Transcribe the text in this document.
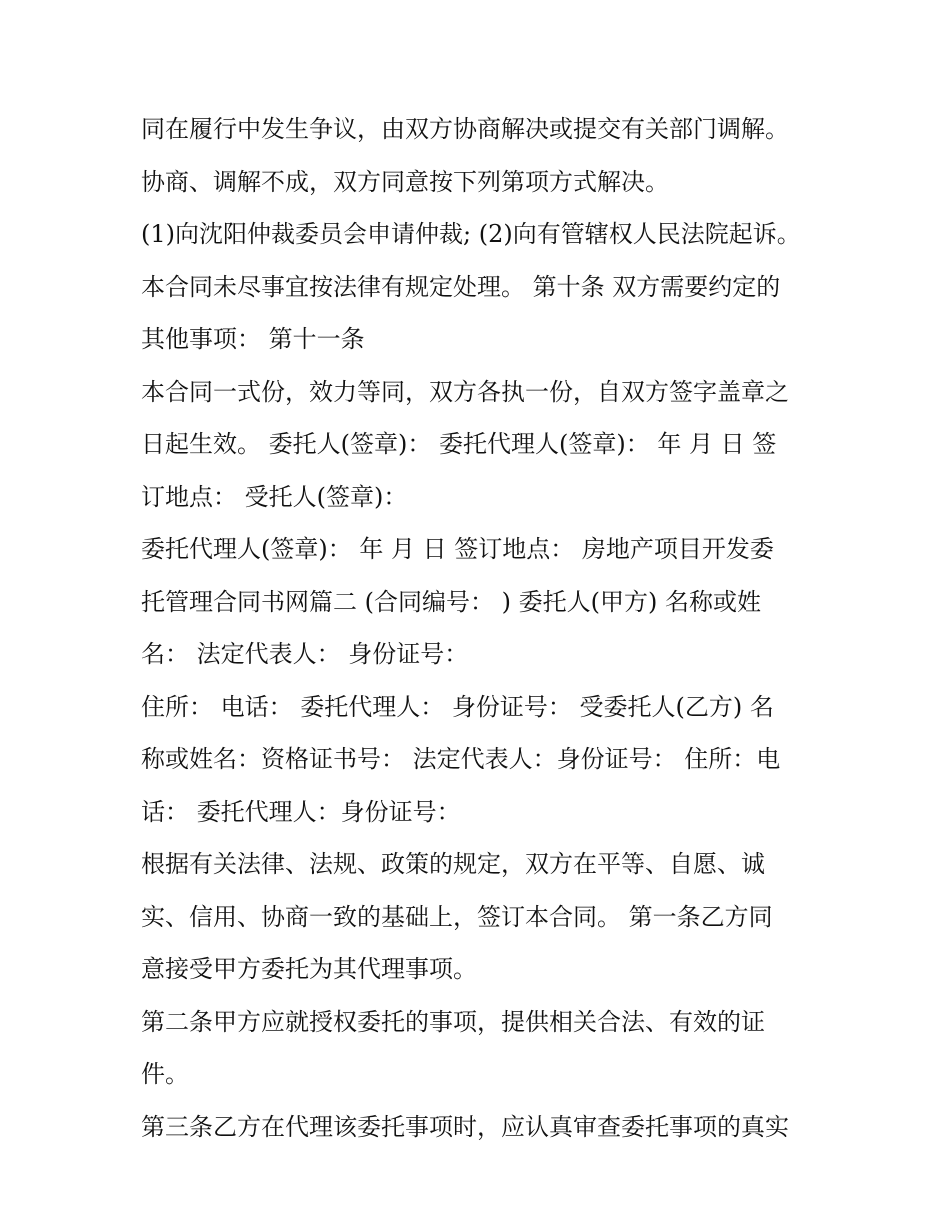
同在履行中发生争议，由双方协商解决或提交有关部门调解。
协商、调解不成，双方同意按下列第项方式解决。
(1)向沈阳仲裁委员会申请仲裁; (2)向有管辖权人民法院起诉。
本合同未尽事宜按法律有规定处理。 第十条 双方需要约定的
其他事项： 第十一条
本合同一式份，效力等同，双方各执一份，自双方签字盖章之
日起生效。 委托人(签章)： 委托代理人(签章)： 年 月 日 签
订地点： 受托人(签章)：
委托代理人(签章)： 年 月 日 签订地点： 房地产项目开发委
托管理合同书网篇二 (合同编号： ) 委托人(甲方) 名称或姓
名： 法定代表人： 身份证号：
住所： 电话： 委托代理人： 身份证号： 受委托人(乙方) 名
称或姓名：资格证书号： 法定代表人：身份证号： 住所：电
话： 委托代理人：身份证号：
根据有关法律、法规、政策的规定，双方在平等、自愿、诚
实、信用、协商一致的基础上，签订本合同。 第一条乙方同
意接受甲方委托为其代理事项。
第二条甲方应就授权委托的事项，提供相关合法、有效的证
件。
第三条乙方在代理该委托事项时，应认真审查委托事项的真实
